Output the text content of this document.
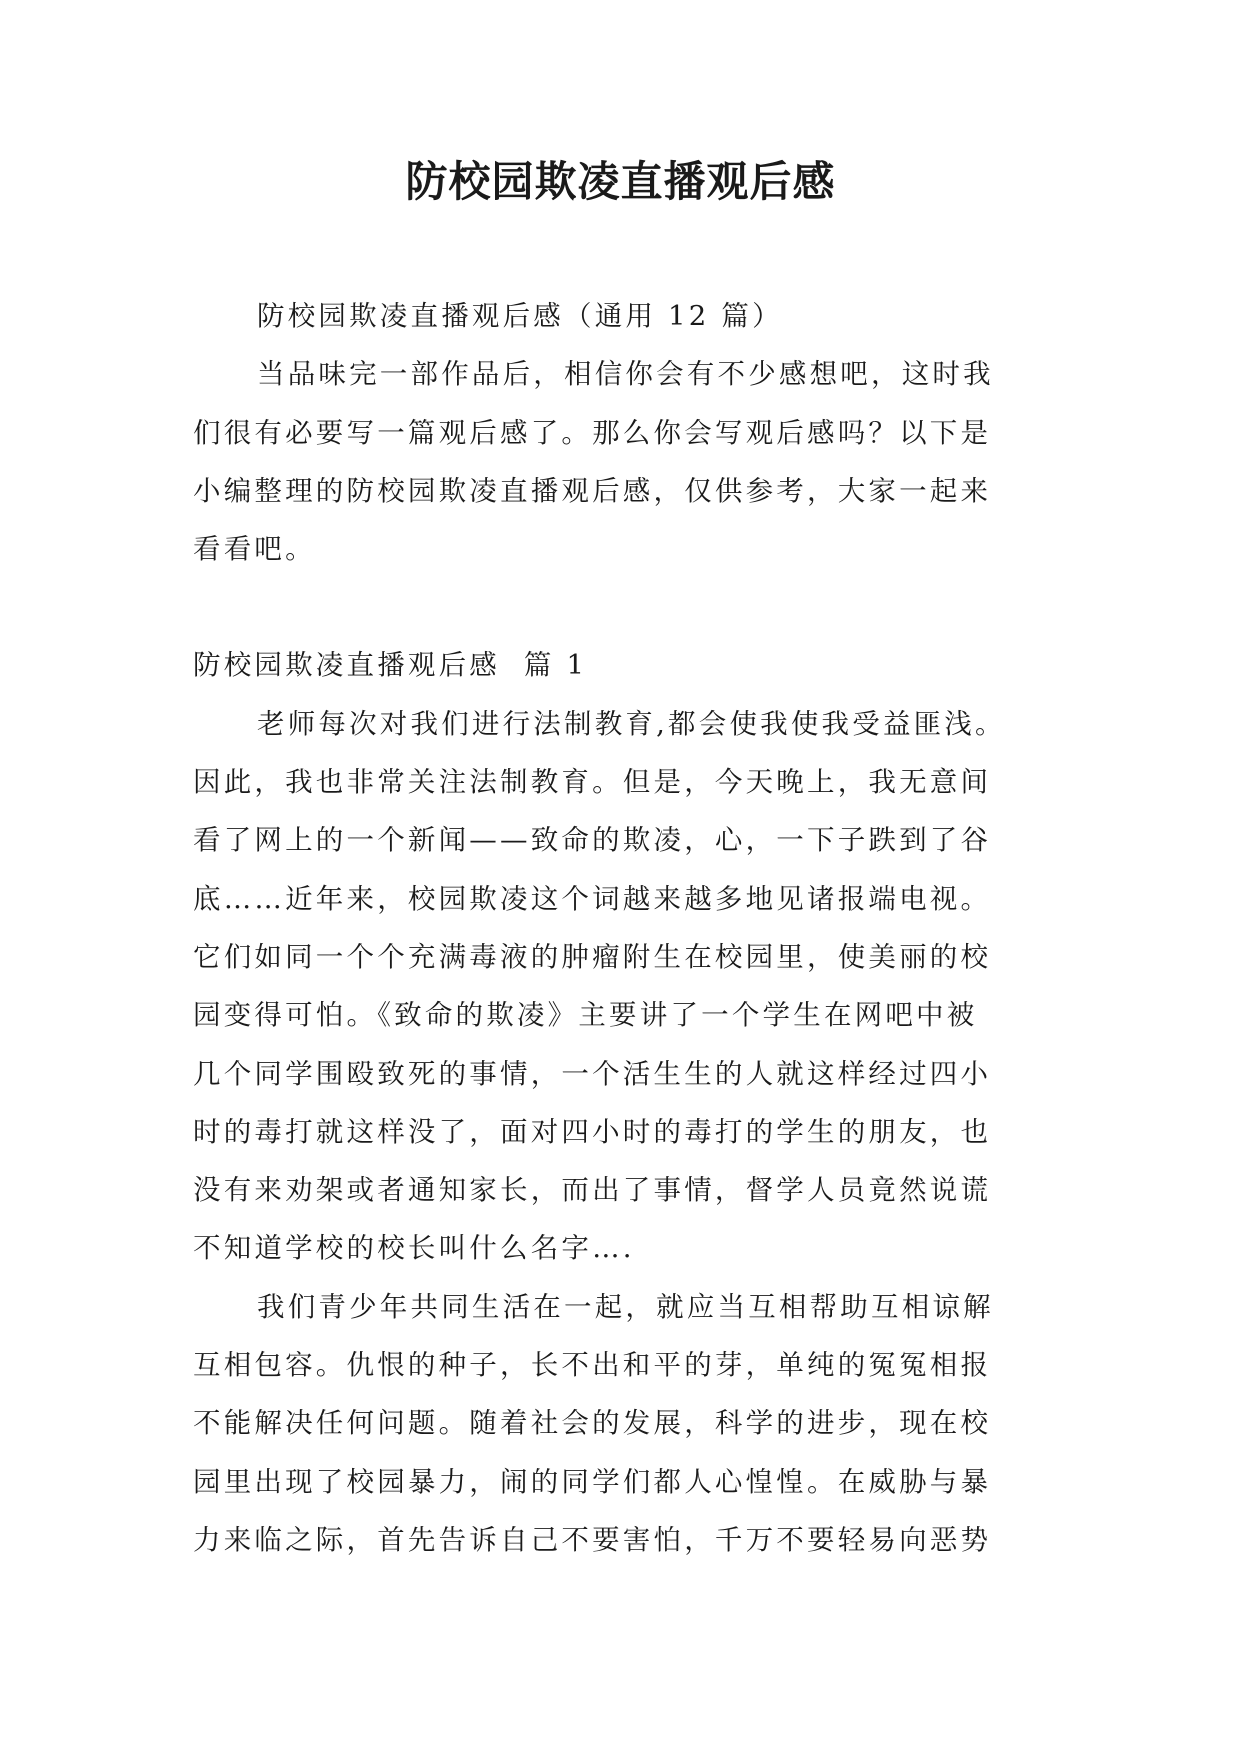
防校园欺凌直播观后感

防校园欺凌直播观后感（通用 12 篇）

当品味完一部作品后，相信你会有不少感想吧，这时我
们很有必要写一篇观后感了。那么你会写观后感吗？以下是
小编整理的防校园欺凌直播观后感，仅供参考，大家一起来
看看吧。

防校园欺凌直播观后感  篇 1

老师每次对我们进行法制教育,都会使我使我受益匪浅。
因此，我也非常关注法制教育。但是，今天晚上，我无意间
看了网上的一个新闻——致命的欺凌，心，一下子跌到了谷
底……近年来，校园欺凌这个词越来越多地见诸报端电视。
它们如同一个个充满毒液的肿瘤附生在校园里，使美丽的校
园变得可怕。《致命的欺凌》主要讲了一个学生在网吧中被
几个同学围殴致死的事情，一个活生生的人就这样经过四小
时的毒打就这样没了，面对四小时的毒打的学生的朋友，也
没有来劝架或者通知家长，而出了事情，督学人员竟然说谎
不知道学校的校长叫什么名字….

我们青少年共同生活在一起，就应当互相帮助互相谅解
互相包容。仇恨的种子，长不出和平的芽，单纯的冤冤相报
不能解决任何问题。随着社会的发展，科学的进步，现在校
园里出现了校园暴力，闹的同学们都人心惶惶。在威胁与暴
力来临之际，首先告诉自己不要害怕，千万不要轻易向恶势
